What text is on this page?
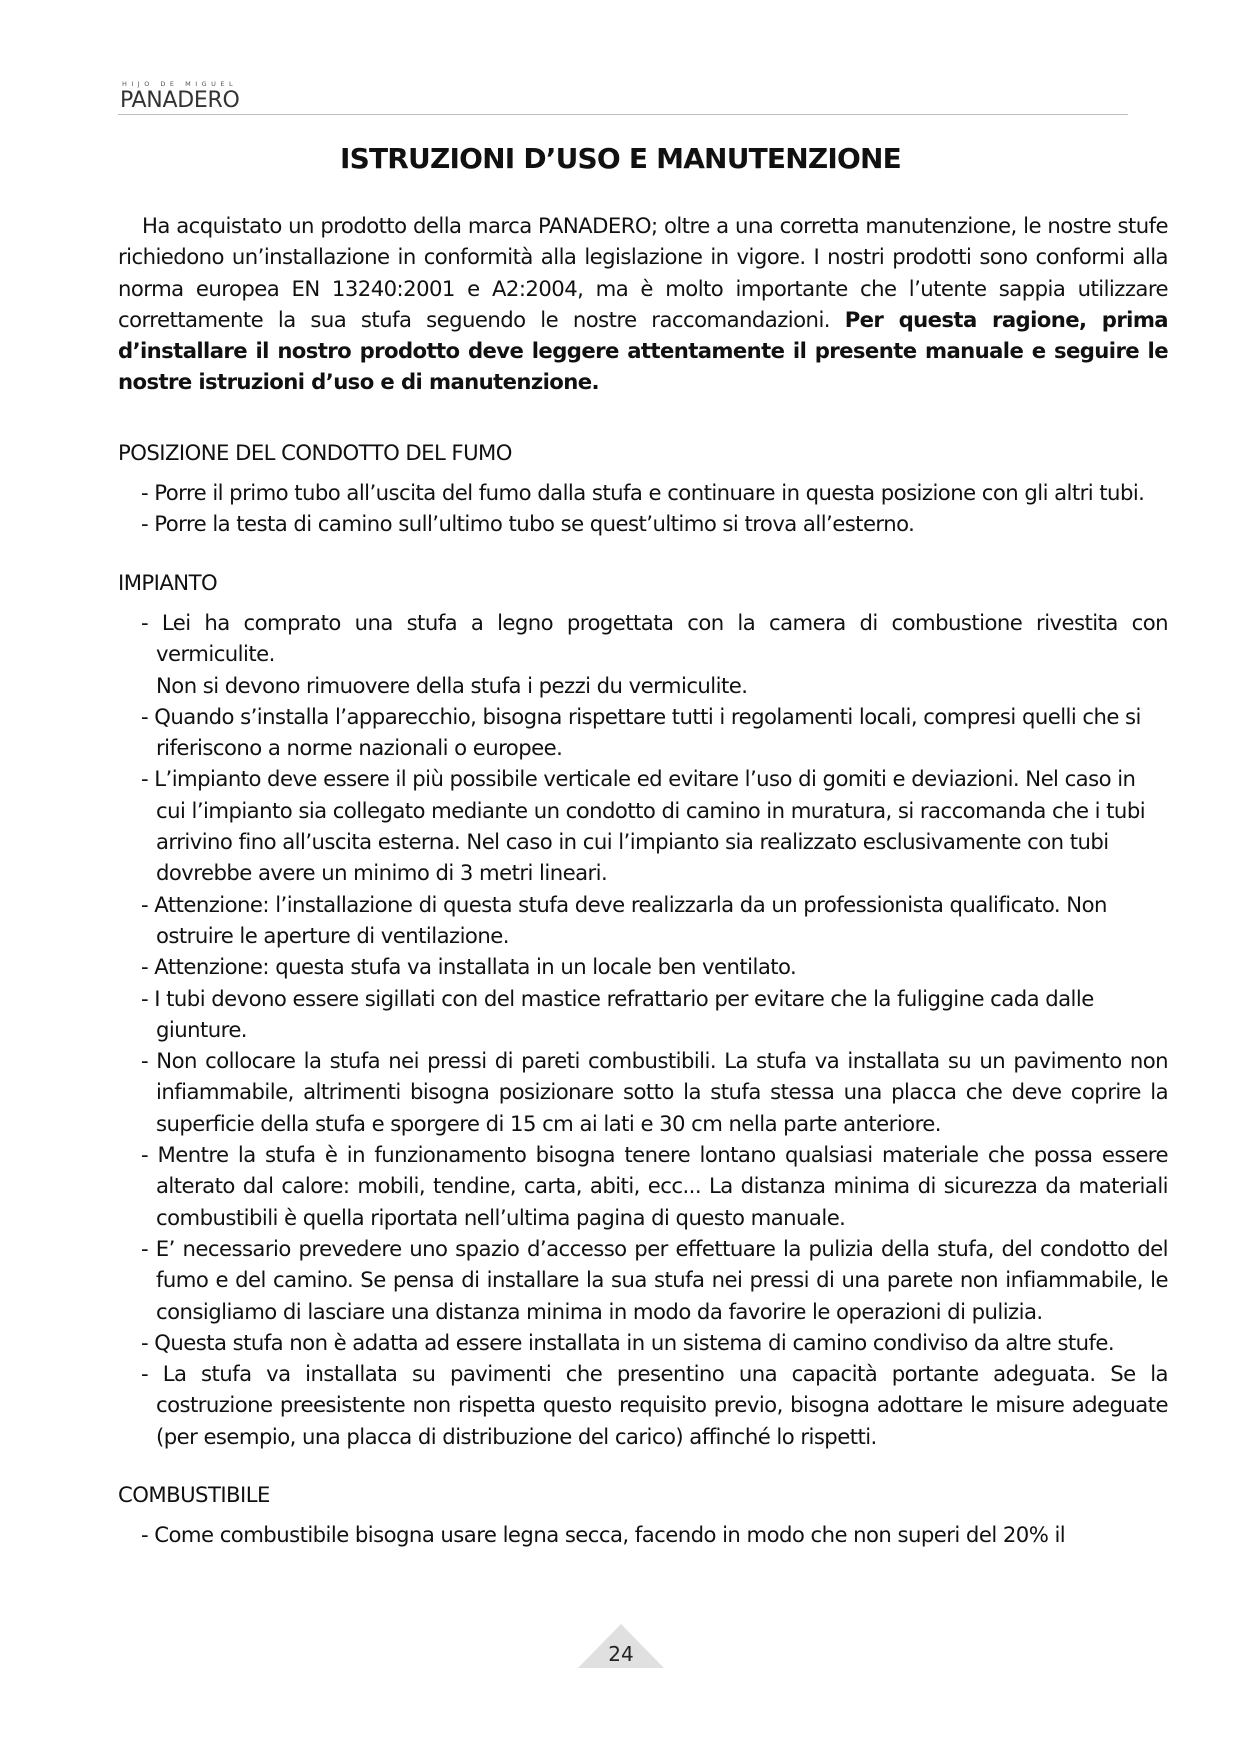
HIJO DE MIGUEL
PANADERO
ISTRUZIONI D’USO E MANUTENZIONE

Ha acquistato un prodotto della marca PANADERO; oltre a una corretta manutenzione, le nostre stufe richiedono un’installazione in conformità alla legislazione in vigore. I nostri prodotti sono conformi alla norma europea EN 13240:2001 e A2:2004, ma è molto importante che l’utente sappia utilizzare correttamente la sua stufa seguendo le nostre raccomandazioni. Per questa ragione, prima d’installare il nostro prodotto deve leggere attentamente il presente manuale e seguire le nostre istruzioni d’uso e di manutenzione.

POSIZIONE DEL CONDOTTO DEL FUMO
- Porre il primo tubo all’uscita del fumo dalla stufa e continuare in questa posizione con gli altri tubi.
- Porre la testa di camino sull’ultimo tubo se quest’ultimo si trova all’esterno.
IMPIANTO
- Lei ha comprato una stufa a legno progettata con la camera di combustione rivestita con vermiculite.
Non si devono rimuovere della stufa i pezzi du vermiculite.
- Quando s’installa l’apparecchio, bisogna rispettare tutti i regolamenti locali, compresi quelli che si riferiscono a norme nazionali o europee.
- L’impianto deve essere il più possibile verticale ed evitare l’uso di gomiti e deviazioni. Nel caso in cui l’impianto sia collegato mediante un condotto di camino in muratura, si raccomanda che i tubi arrivino fino all’uscita esterna. Nel caso in cui l’impianto sia realizzato esclusivamente con tubi dovrebbe avere un minimo di 3 metri lineari.
- Attenzione: l’installazione di questa stufa deve realizzarla da un professionista qualificato. Non ostruire le aperture di ventilazione.
- Attenzione: questa stufa va installata in un locale ben ventilato.
- I tubi devono essere sigillati con del mastice refrattario per evitare che la fuliggine cada dalle giunture.
- Non collocare la stufa nei pressi di pareti combustibili. La stufa va installata su un pavimento non infiammabile, altrimenti bisogna posizionare sotto la stufa stessa una placca che deve coprire la superficie della stufa e sporgere di 15 cm ai lati e 30 cm nella parte anteriore.
- Mentre la stufa è in funzionamento bisogna tenere lontano qualsiasi materiale che possa essere alterato dal calore: mobili, tendine, carta, abiti, ecc... La distanza minima di sicurezza da materiali combustibili è quella riportata nell’ultima pagina di questo manuale.
- E’ necessario prevedere uno spazio d’accesso per effettuare la pulizia della stufa, del condotto del fumo e del camino. Se pensa di installare la sua stufa nei pressi di una parete non infiammabile, le consigliamo di lasciare una distanza minima in modo da favorire le operazioni di pulizia.
- Questa stufa non è adatta ad essere installata in un sistema di camino condiviso da altre stufe.
- La stufa va installata su pavimenti che presentino una capacità portante adeguata. Se la costruzione preesistente non rispetta questo requisito previo, bisogna adottare le misure adeguate (per esempio, una placca di distribuzione del carico) affinché lo rispetti.
COMBUSTIBILE
- Come combustibile bisogna usare legna secca, facendo in modo che non superi del 20% il
24
